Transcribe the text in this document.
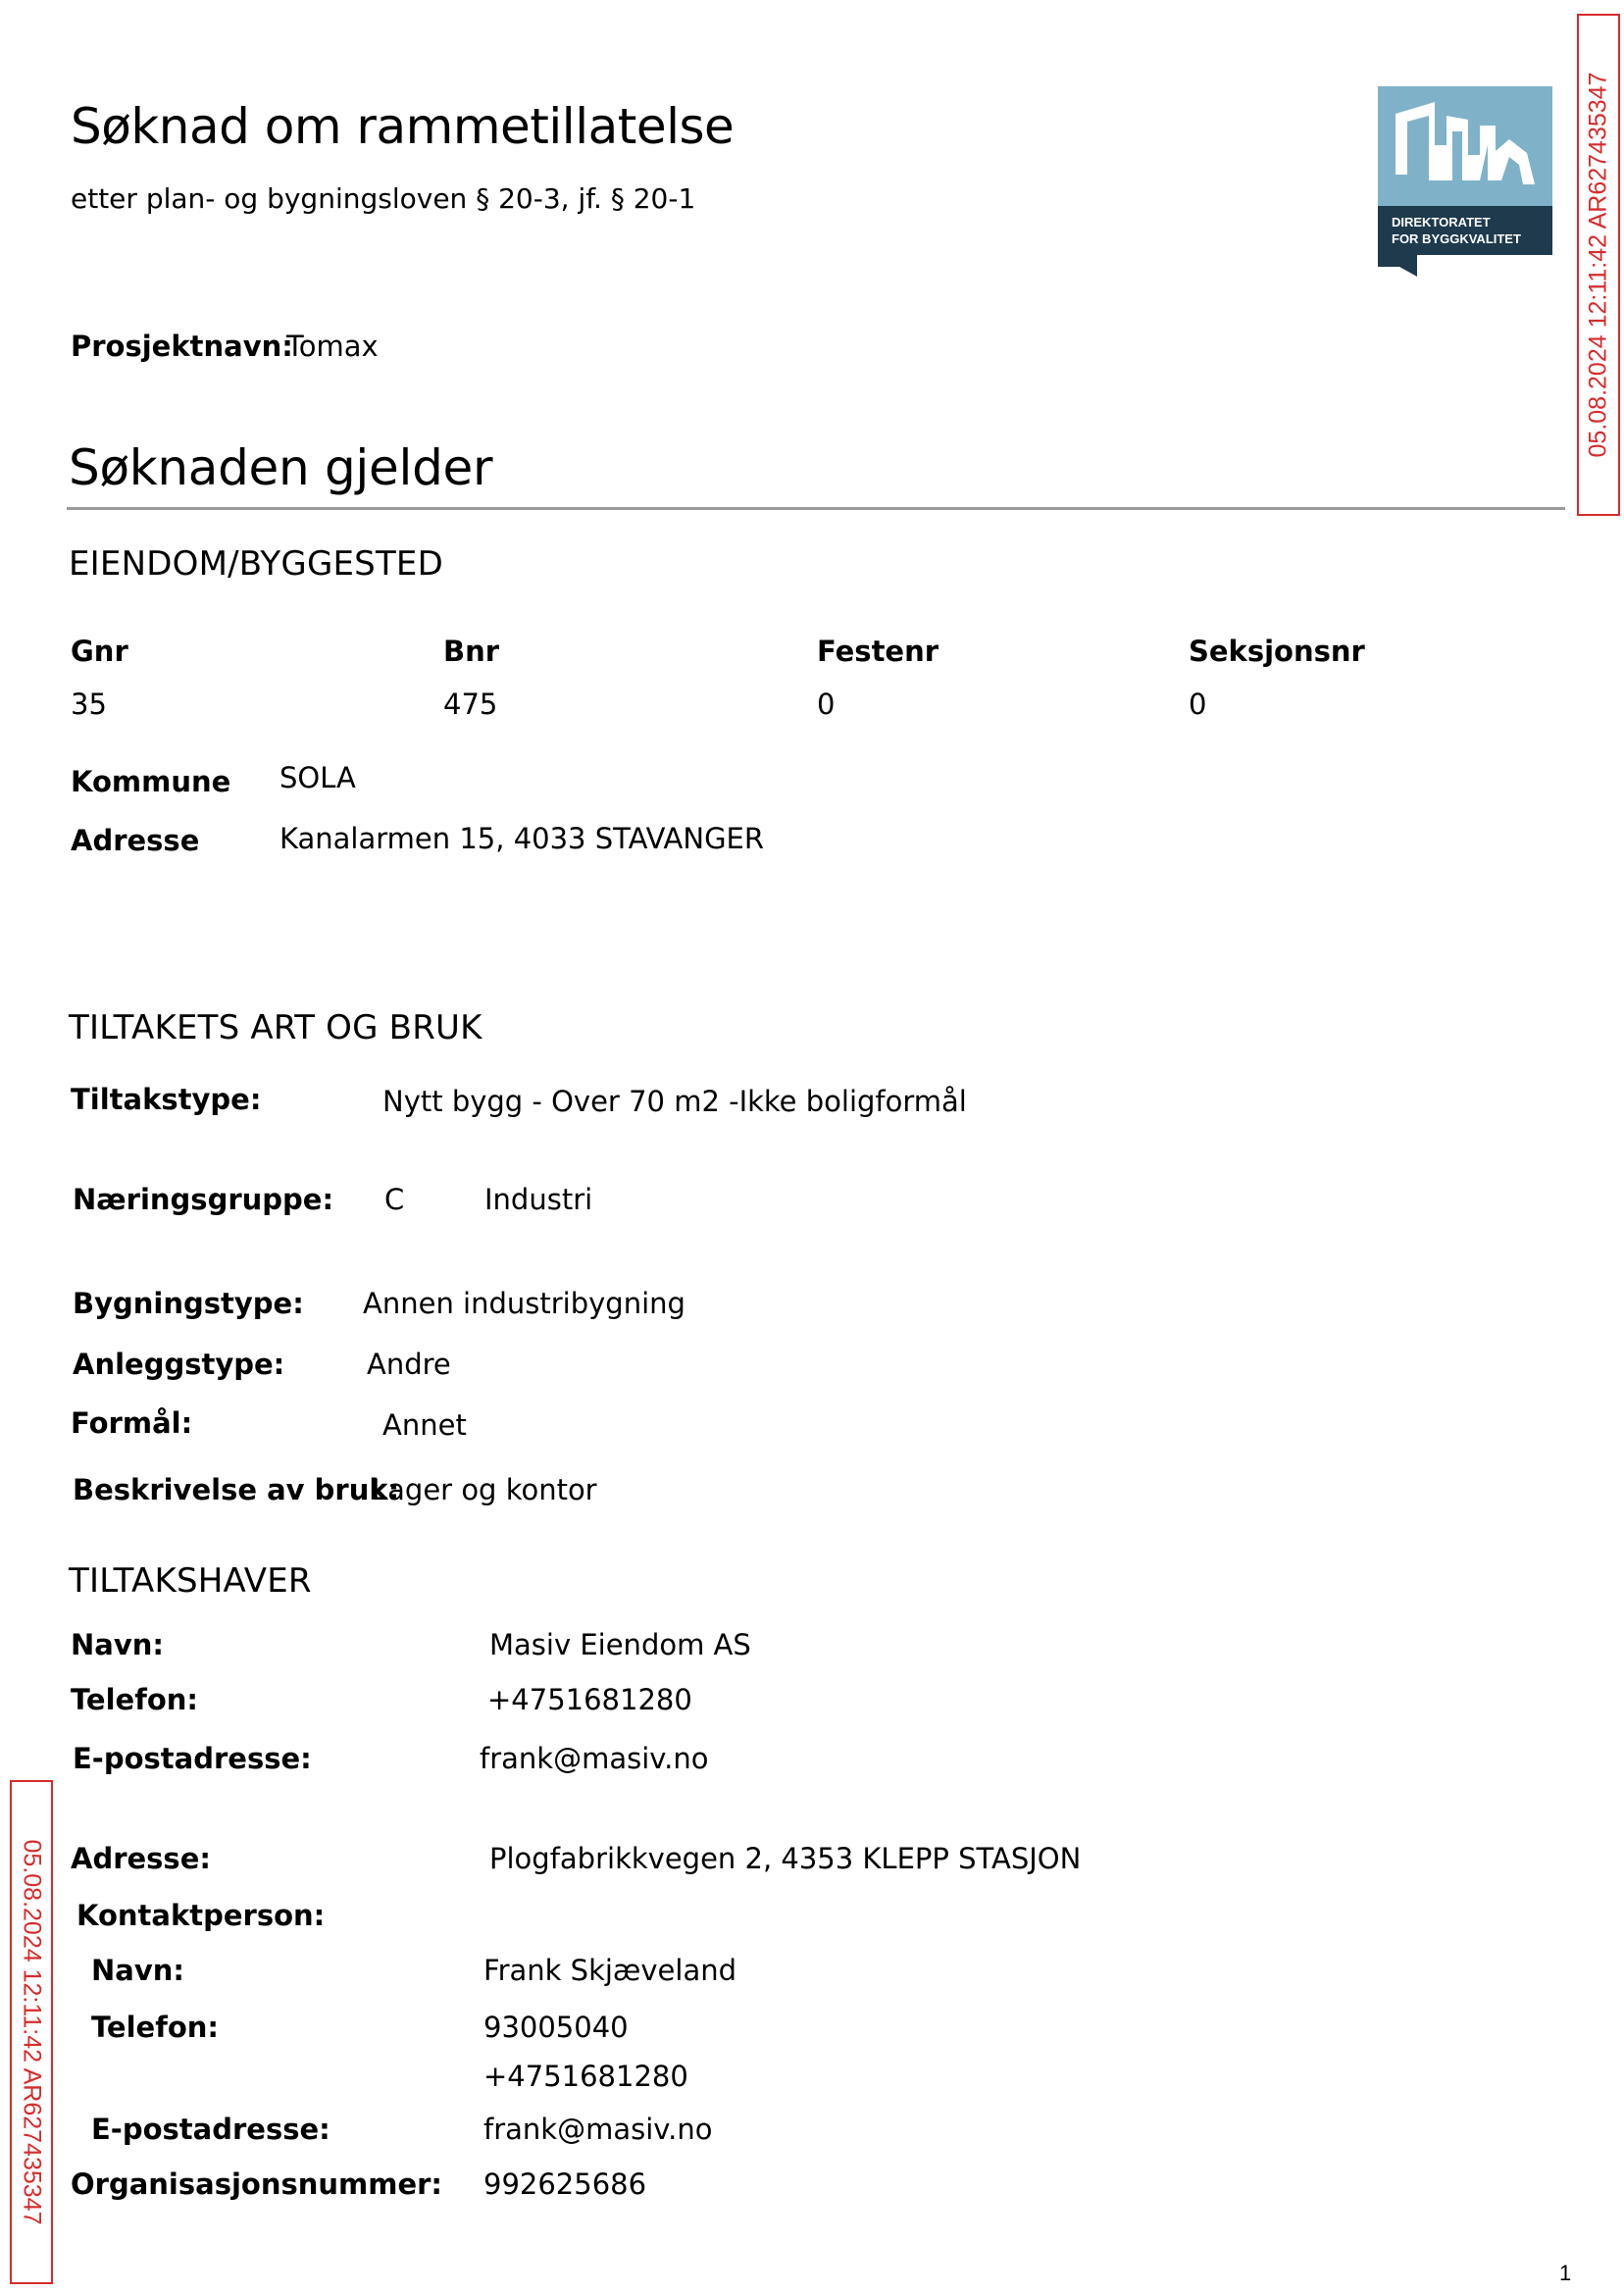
Søknad om rammetillatelse
etter plan- og bygningsloven § 20-3, jf. § 20-1
DIREKTORATET
FOR BYGGKVALITET	05.08.2024 12:11:42 AR627435347
05.08.2024 12:11:42 AR627435347
Prosjektnavn:
Tomax
Søknaden gjelder
EIENDOM/BYGGESTED
Gnr	Bnr	Festenr	Seksjonsnr
35	475	0	0
Kommune SOLA
Adresse	Kanalarmen 15, 4033 STAVANGER
TILTAKETS ART OG BRUK
Tiltakstype:	Nytt bygg - Over 70 m2 -Ikke boligformål
Næringsgruppe: C	Industri
Bygningstype: Annen industribygning
Anleggstype:	Andre
Formål:	Annet
Beskrivelse av bruk:
Lager og kontor
TILTAKSHAVER
Navn:	Masiv Eiendom AS
Telefon:	+4751681280
E-postadresse:	frank@masiv.no
Adresse:	Plogfabrikkvegen 2, 4353 KLEPP STASJON
Kontaktperson:
Navn:	Frank Skjæveland
Telefon:	93005040
+4751681280
E-postadresse:	frank@masiv.no
Organisasjonsnummer: 992625686
1
